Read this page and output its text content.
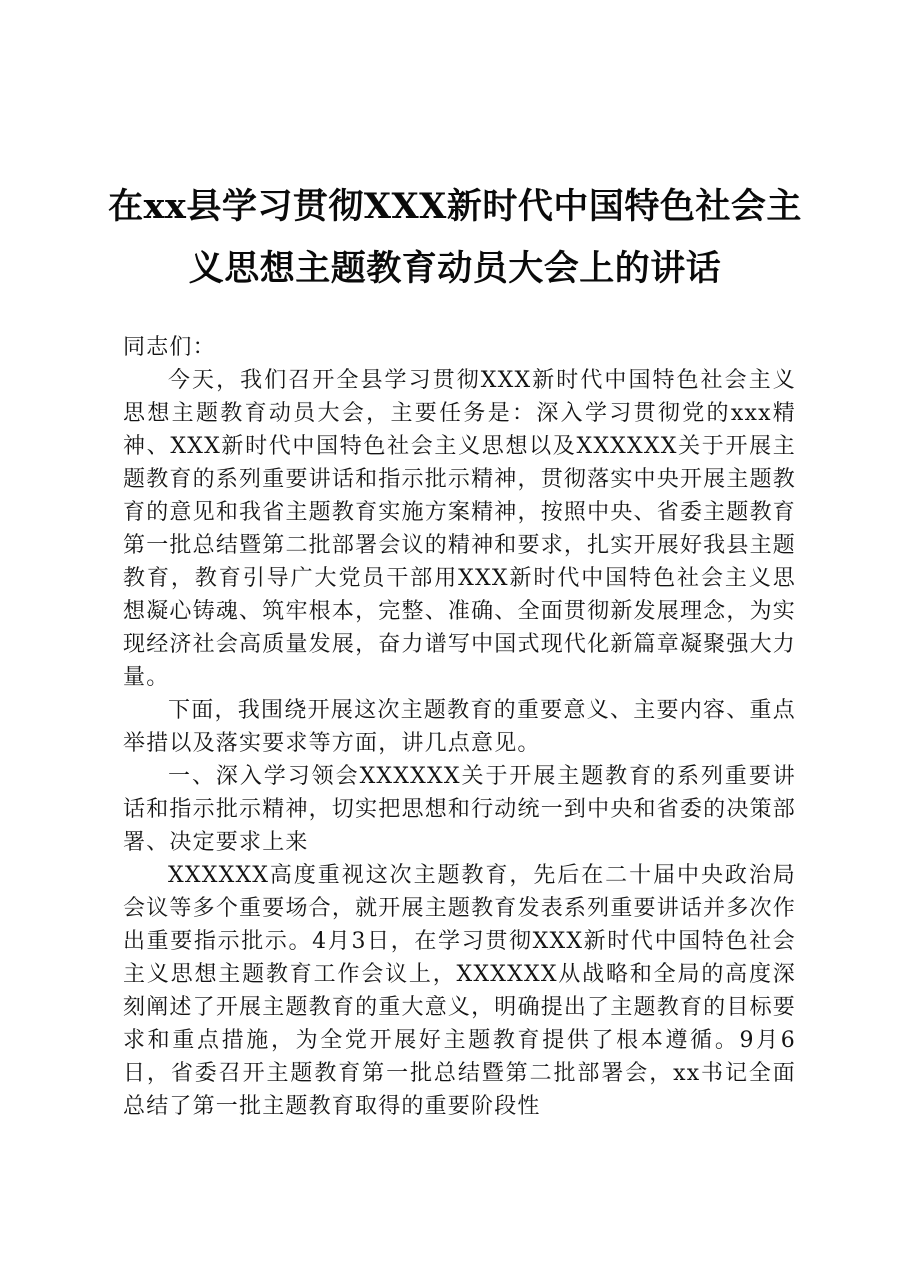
在xx县学习贯彻XXX新时代中国特色社会主
义思想主题教育动员大会上的讲话

同志们：

今天，我们召开全县学习贯彻XXX新时代中国特色社会主义思想主题教育动员大会，主要任务是：深入学习贯彻党的xxx精神、XXX新时代中国特色社会主义思想以及XXXXXX关于开展主题教育的系列重要讲话和指示批示精神，贯彻落实中央开展主题教育的意见和我省主题教育实施方案精神，按照中央、省委主题教育第一批总结暨第二批部署会议的精神和要求，扎实开展好我县主题教育，教育引导广大党员干部用XXX新时代中国特色社会主义思想凝心铸魂、筑牢根本，完整、准确、全面贯彻新发展理念，为实现经济社会高质量发展，奋力谱写中国式现代化新篇章凝聚强大力量。

下面，我围绕开展这次主题教育的重要意义、主要内容、重点举措以及落实要求等方面，讲几点意见。

一、深入学习领会XXXXXX关于开展主题教育的系列重要讲话和指示批示精神，切实把思想和行动统一到中央和省委的决策部署、决定要求上来

XXXXXX高度重视这次主题教育，先后在二十届中央政治局会议等多个重要场合，就开展主题教育发表系列重要讲话并多次作出重要指示批示。4月3日，在学习贯彻XXX新时代中国特色社会主义思想主题教育工作会议上，XXXXXX从战略和全局的高度深刻阐述了开展主题教育的重大意义，明确提出了主题教育的目标要求和重点措施，为全党开展好主题教育提供了根本遵循。9月6日，省委召开主题教育第一批总结暨第二批部署会，xx书记全面总结了第一批主题教育取得的重要阶段性
